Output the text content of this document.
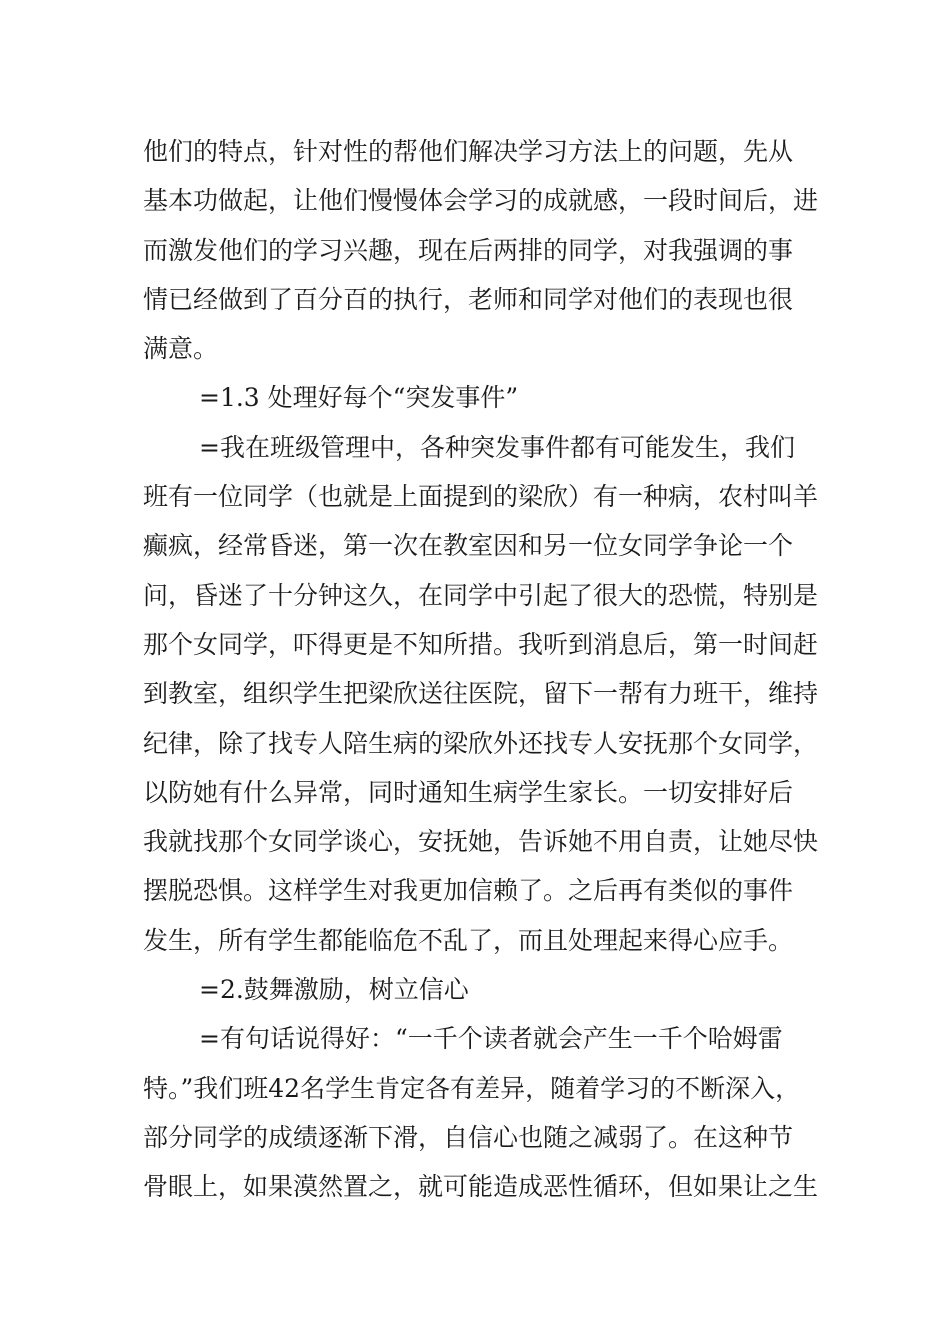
他们的特点，针对性的帮他们解决学习方法上的问题，先从
基本功做起，让他们慢慢体会学习的成就感，一段时间后，进
而激发他们的学习兴趣，现在后两排的同学，对我强调的事
情已经做到了百分百的执行，老师和同学对他们的表现也很
满意。
=1.3 处理好每个“突发事件”
=我在班级管理中，各种突发事件都有可能发生，我们
班有一位同学（也就是上面提到的梁欣）有一种病，农村叫羊
癫疯，经常昏迷，第一次在教室因和另一位女同学争论一个
问，昏迷了十分钟这久，在同学中引起了很大的恐慌，特别是
那个女同学，吓得更是不知所措。我听到消息后，第一时间赶
到教室，组织学生把梁欣送往医院，留下一帮有力班干，维持
纪律，除了找专人陪生病的梁欣外还找专人安抚那个女同学，
以防她有什么异常，同时通知生病学生家长。一切安排好后
我就找那个女同学谈心，安抚她，告诉她不用自责，让她尽快
摆脱恐惧。这样学生对我更加信赖了。之后再有类似的事件
发生，所有学生都能临危不乱了，而且处理起来得心应手。
=2.鼓舞激励，树立信心
=有句话说得好：“一千个读者就会产生一千个哈姆雷
特。”我们班42名学生肯定各有差异，随着学习的不断深入，
部分同学的成绩逐渐下滑，自信心也随之减弱了。在这种节
骨眼上，如果漠然置之，就可能造成恶性循环，但如果让之生
